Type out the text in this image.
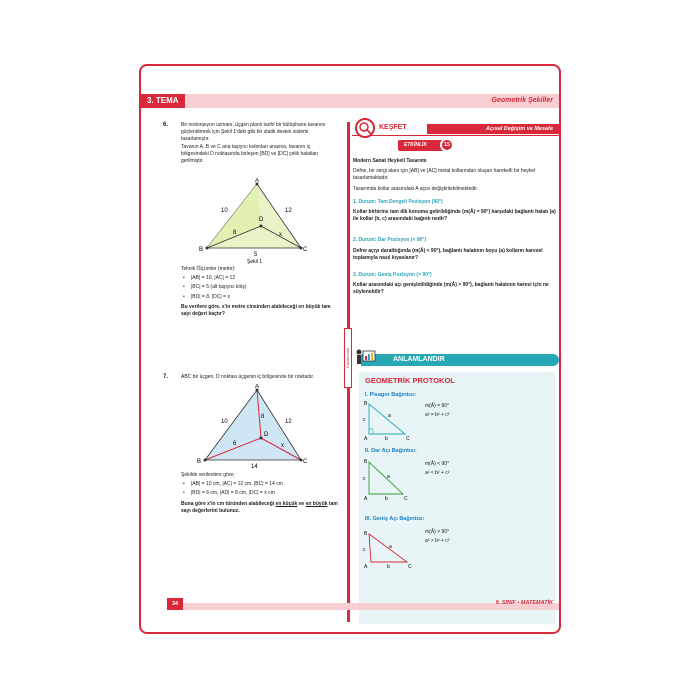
3. TEMA	Geometrik Şekiller
Kazanımlar
6.	Bir restorasyon uzmanı, üçgen planlı tarihî bir kütüphane tavanını güçlendirmek için Şekil 1'deki gibi bir statik destek sistemi tasarlamıştır.
Tavanın A, B ve C ana taşıyıcı kolonları arasına, tavanın iç bölgesindeki D noktasında birleşen [BD] ve [DC] çelik halatları gerilmiştir.
A
B	C
D
10	12
8	x
5
Şekil 1
Teknik Ölçümler (metre):
• |AB| = 10, |AC| = 12
• |BC| = 5 (alt taşıyıcı kiriş)
• |BD| = 8, |DC| = x
Bu verilere göre, x'in metre cinsinden alabileceği en büyük tam sayı değeri kaçtır?
7.	ABC bir üçgen, D noktası üçgenin iç bölgesinde bir noktadır.
A
B	C
D
10	12
8
6	x
14
Şekilde verilenlere göre;
• |AB| = 10 cm, |AC| = 12 cm, |BC| = 14 cm
• |BD| = 6 cm, |AD| = 8 cm, |DC| = x cm
Buna göre x'in cm türünden alabileceği en küçük ve en büyük tam sayı değerlerini bulunuz.
Açısal Değişim ve Mesafe
KEŞFET
ETKİNLİK	15
Modern Sanat Heykeli Tasarımı
Defne, bir sergi alanı için [AB] ve [AC] metal kollarından oluşan hareketli bir heykel tasarlamaktadır.
Tasarımda kollar arasındaki A açısı değiştirilebilmektedir.
1. Durum: Tam Dengeli Pozisyon (90°)
Kollar birbirine tam dik konuma getirildiğinde (m(Â) = 90°) karşıdaki bağlantı halatı (a) ile kollar (b, c) arasındaki bağıntı nedir?
2. Durum: Dar Pozisyon (< 90°)
Defne açıyı daralttığında (m(Â) < 90°), bağlantı halatının boyu (a) kolların karesel toplamıyla nasıl kıyaslanır?
3. Durum: Geniş Pozisyon (> 90°)
Kollar arasındaki açı genişletildiğinde (m(Â) > 90°), bağlantı halatının karesi için ne söylenebilir?
ANLAMLANDIR
GEOMETRİK PROTOKOL
I. Pisagor Bağıntısı:
B
A	C
c
b
a
m(Â) = 90°
a² = b² + c²
II. Dar Açı Bağıntısı:
B
A	C
c
b
a
m(Â) < 90°
a² < b² + c²
III. Geniş Açı Bağıntısı:
B
A	C
c
b
a
m(Â) > 90°
a² > b² + c²
34	9. SINIF • MATEMATİK
